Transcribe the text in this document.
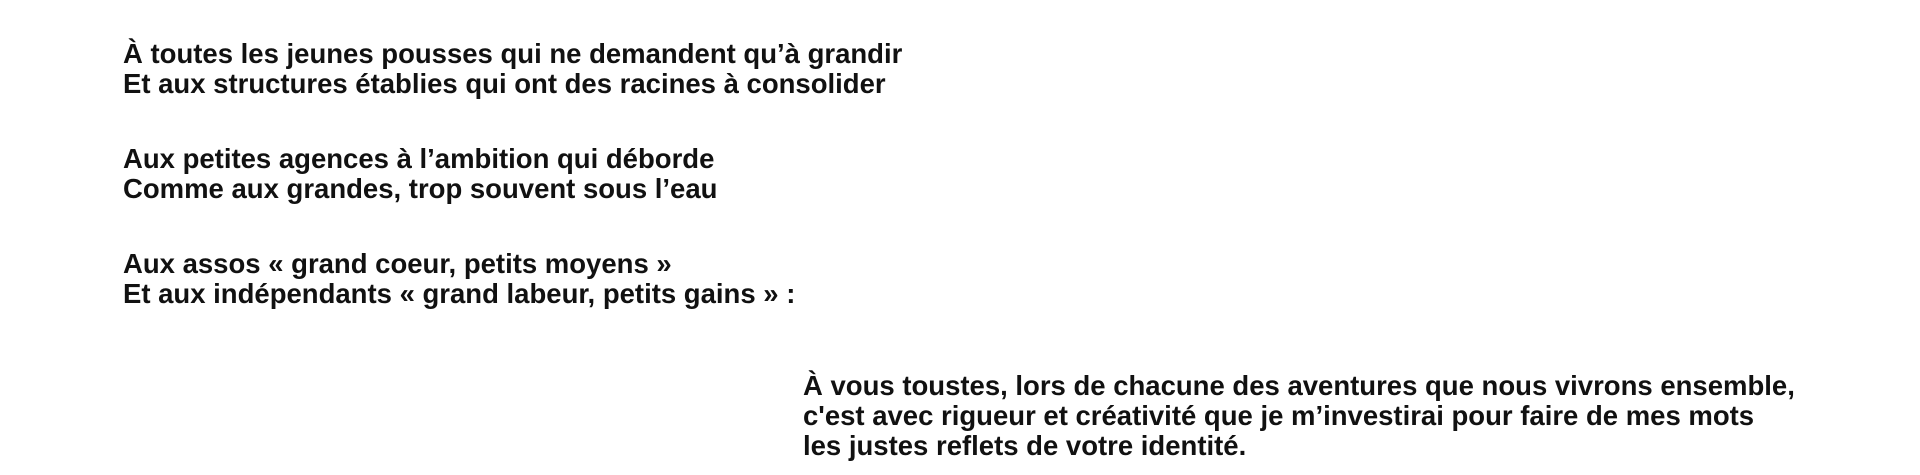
À toutes les jeunes pousses qui ne demandent qu’à grandir
Et aux structures établies qui ont des racines à consolider

Aux petites agences à l’ambition qui déborde
Comme aux grandes, trop souvent sous l’eau

Aux assos « grand coeur, petits moyens »
Et aux indépendants « grand labeur, petits gains » :

À vous toustes, lors de chacune des aventures que nous vivrons ensemble,
c'est avec rigueur et créativité que je m’investirai pour faire de mes mots
les justes reflets de votre identité.
